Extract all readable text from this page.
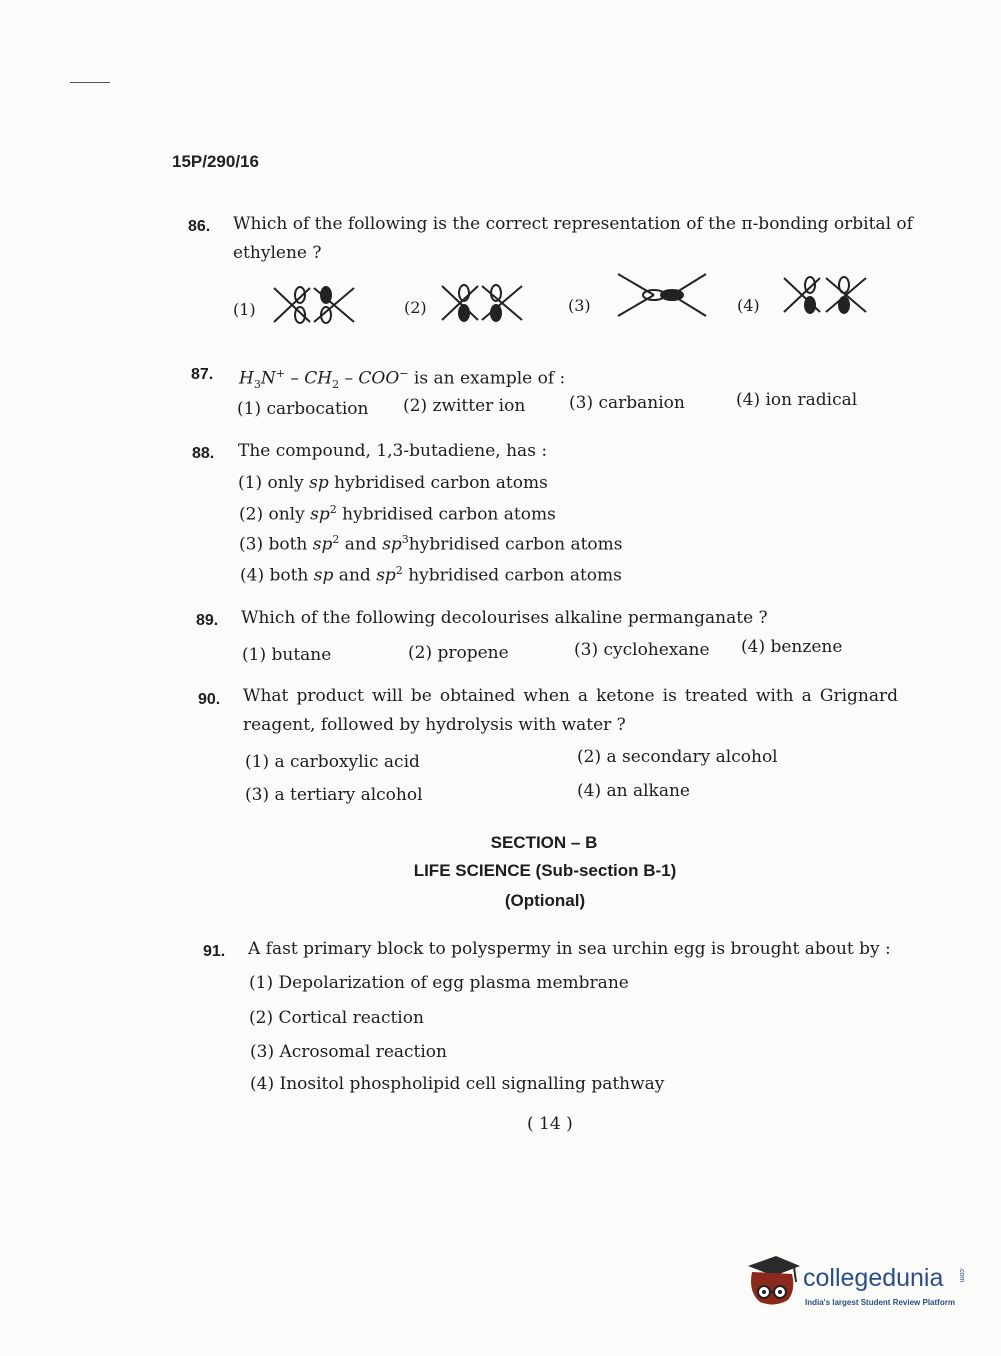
15P/290/16
86. Which of the following is the correct representation of the π-bonding orbital of
ethylene ?
(1)	(2)	(3)	(4)
87. $H_3N^+ - CH_2 - COO^-$ is an example of :
(1) carbocation (2) zwitter ion	(3) carbanion	(4) ion radical
88. The compound, 1,3-butadiene, has :
(1) only sp hybridised carbon atoms
(2) only $sp^2$ hybridised carbon atoms
(3) both $sp^2$ and $sp^3hybridised$ carbon atoms
(4) both sp and $sp^2$ hybridised carbon atoms
89. Which of the following decolourises alkaline permanganate ?
(1) butane	(2) propene	(3) cyclohexane (4) benzene
90. What product will be obtained when a ketone is treated with a Grignard
reagent, followed by hydrolysis with water ?
(1) a carboxylic acid	(2) a secondary alcohol
(3) a tertiary alcohol	(4) an alkane
SECTION – B
LIFE SCIENCE (Sub-section B-1)
(Optional)
91. A fast primary block to polyspermy in sea urchin egg is brought about by :
(1) Depolarization of egg plasma membrane
(2) Cortical reaction
(3) Acrosomal reaction
(4) Inositol phospholipid cell signalling pathway
( 14 )
collegedunia .com
India's largest Student Review Platform
